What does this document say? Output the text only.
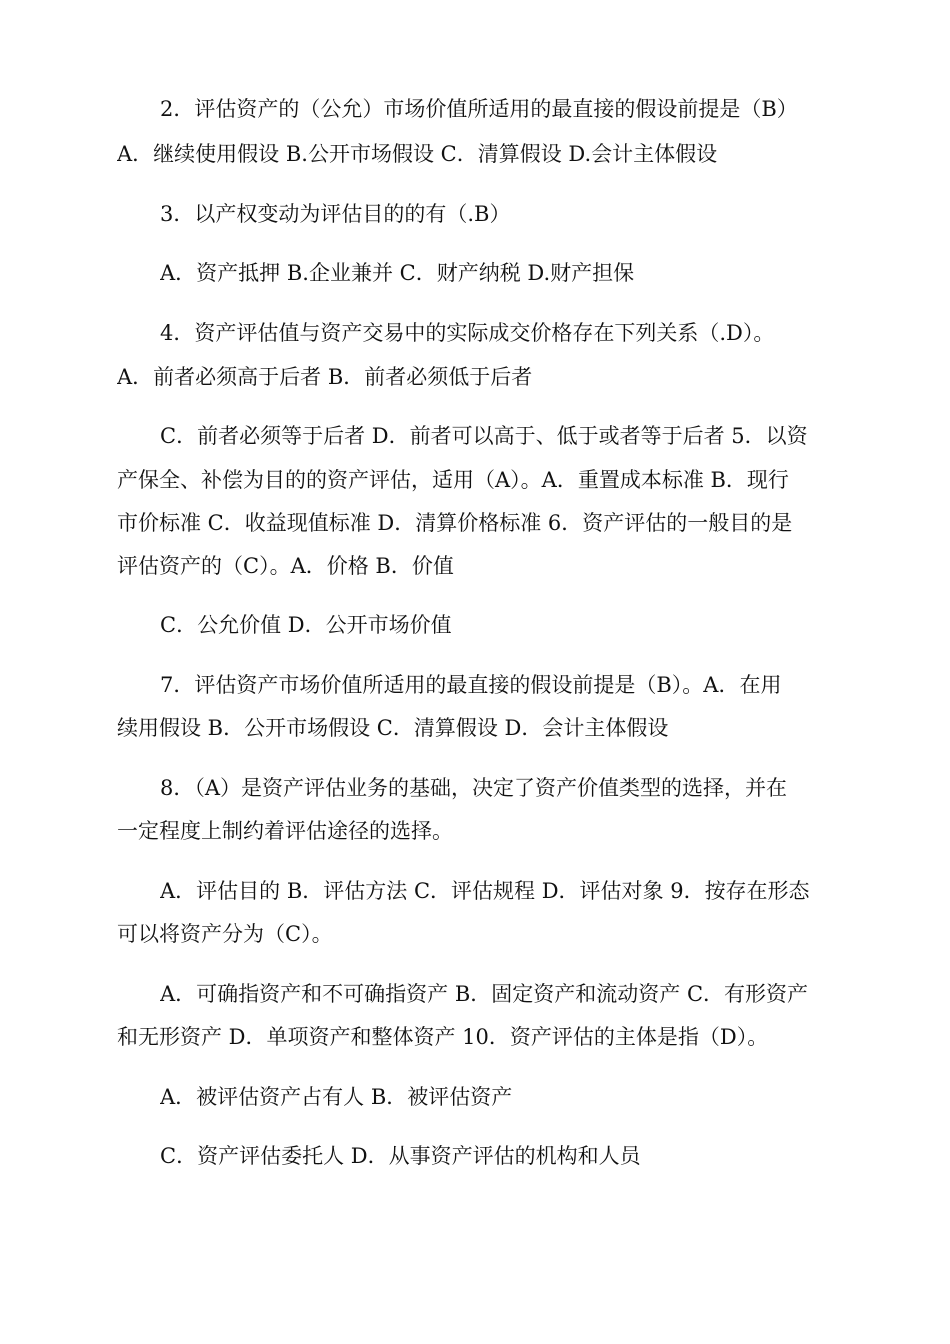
2．评估资产的（公允）市场价值所适用的最直接的假设前提是（B）
A．继续使用假设 B.公开市场假设 C．清算假设 D.会计主体假设
3．以产权变动为评估目的的有（.B）
A．资产抵押 B.企业兼并 C．财产纳税 D.财产担保
4．资产评估值与资产交易中的实际成交价格存在下列关系（.D）。
A．前者必须高于后者 B．前者必须低于后者
C．前者必须等于后者 D．前者可以高于、低于或者等于后者 5．以资
产保全、补偿为目的的资产评估，适用（A）。A．重置成本标准 B．现行
市价标准 C．收益现值标准 D．清算价格标准 6．资产评估的一般目的是
评估资产的（C）。A．价格 B．价值
C．公允价值 D．公开市场价值
7．评估资产市场价值所适用的最直接的假设前提是（B）。A．在用
续用假设 B．公开市场假设 C．清算假设 D．会计主体假设
8．（A）是资产评估业务的基础，决定了资产价值类型的选择，并在
一定程度上制约着评估途径的选择。
A．评估目的 B．评估方法 C．评估规程 D．评估对象 9．按存在形态
可以将资产分为（C）。
A．可确指资产和不可确指资产 B．固定资产和流动资产 C．有形资产
和无形资产 D．单项资产和整体资产 10．资产评估的主体是指（D）。
A．被评估资产占有人 B．被评估资产
C．资产评估委托人 D．从事资产评估的机构和人员
